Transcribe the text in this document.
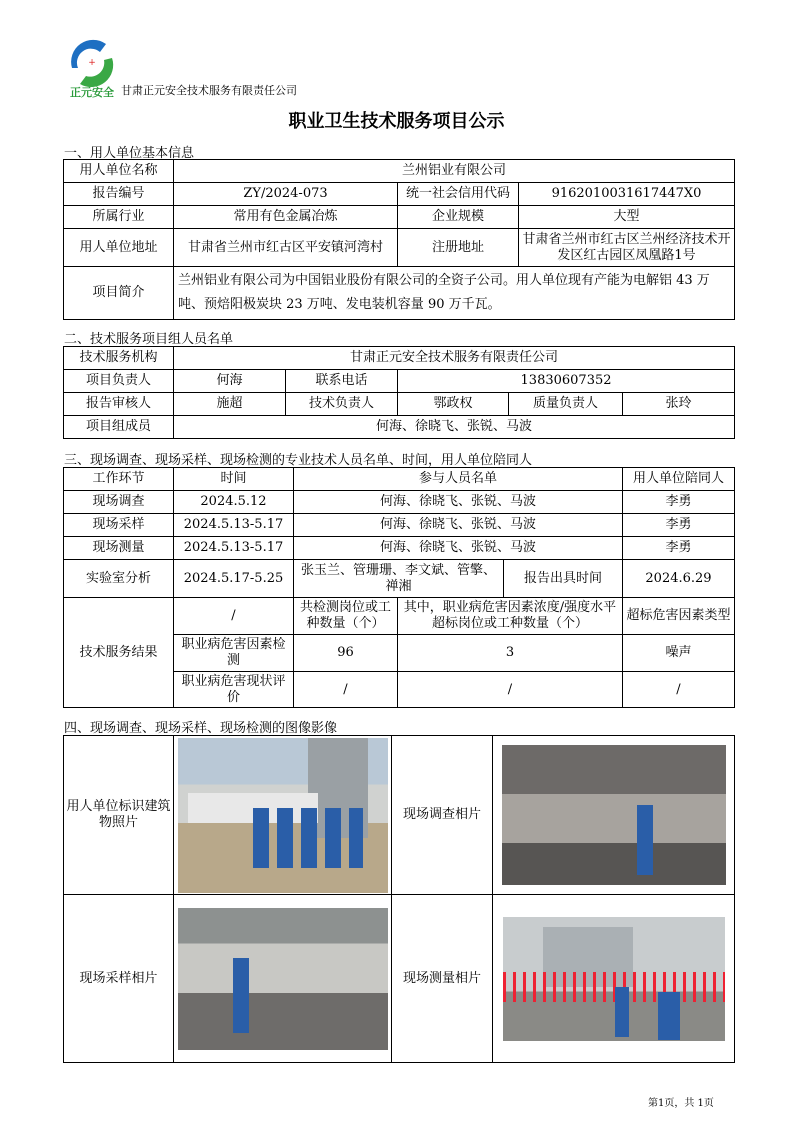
+
正元安全 甘肃正元安全技术服务有限责任公司
职业卫生技术服务项目公示
一、用人单位基本信息
用人单位名称	兰州铝业有限公司		
报告编号	ZY/2024-073	统一社会信用代码	916201003161744​7X0
所属行业	常用有色金属冶炼	企业规模	大型
用人单位地址	甘肃省兰州市红古区平安镇河湾村	注册地址	甘肃省兰州市红古区兰州经济技术开发区红古园区凤凰路1号
项目简介	兰州铝业有限公司为中国铝业股份有限公司的全资子公司。用人单位现有产能为电解铝 43 万吨、预焙阳极炭块 23 万吨、发电装机容量 90 万千瓦。		
二、技术服务项目组人员名单
技术服务机构	甘肃正元安全技术服务有限责任公司				
项目负责人	何海	联系电话	13830607352		
报告审核人	施超	技术负责人	鄂政权	质量负责人	张玲
项目组成员	何海、徐晓飞、张锐、马波				
三、现场调查、现场采样、现场检测的专业技术人员名单、时间，用人单位陪同人
工作环节	时间	参与人员名单			用人单位陪同人
现场调查	2024.5.12	何海、徐晓飞、张锐、马波			李勇
现场采样	2024.5.13-5.17	何海、徐晓飞、张锐、马波			李勇
现场测量	2024.5.13-5.17	何海、徐晓飞、张锐、马波			李勇
实验室分析	2024.5.17-5.25	张玉兰、管珊珊、李文斌、管擎、禅湘		报告出具时间	2024.6.29
技术服务结果	/	共检测岗位或工种数量（个）	其中，职业病危害因素浓度/强度水平超标岗位或工种数量（个）		超标危害因素类型
	职业病危害因素检测	96	3		噪声
	职业病危害现状评价	/	/		/
四、现场调查、现场采样、现场检测的图像影像
用人单位标识建筑物照片		现场调查相片	

现场采样相片		现场测量相片	
第1页，共 1页
